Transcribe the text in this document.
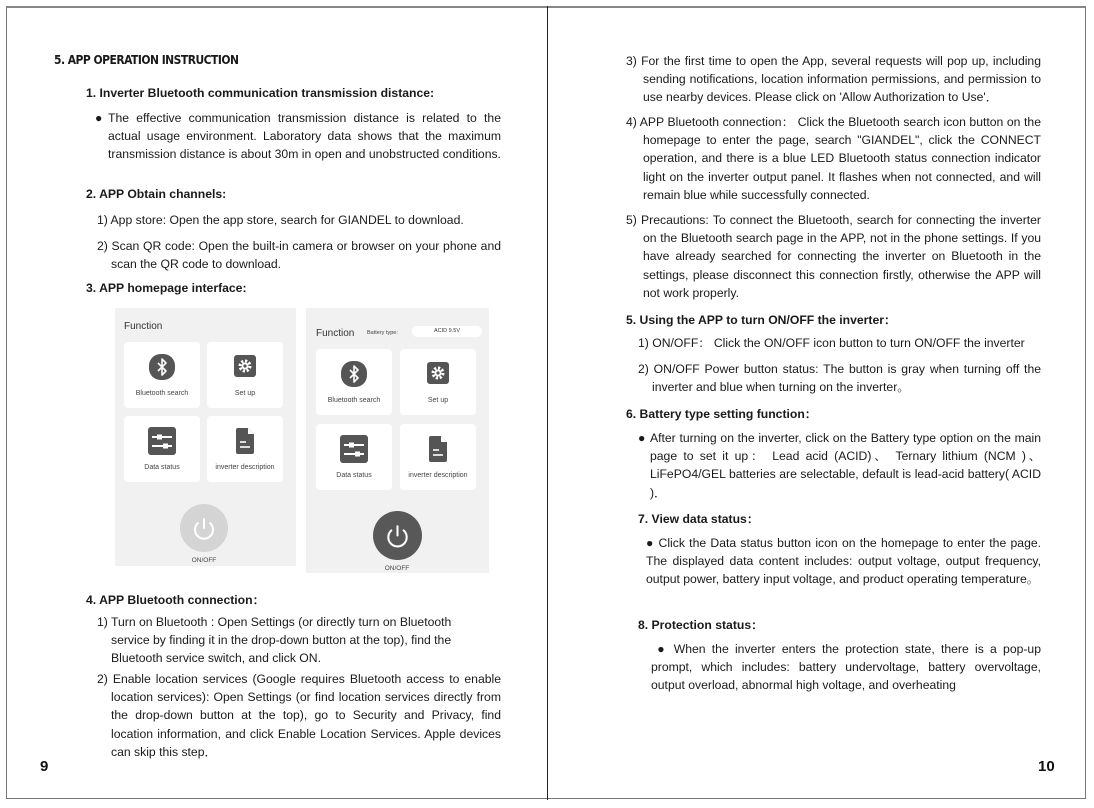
5. APP OPERATION INSTRUCTION
1. Inverter Bluetooth communication transmission distance:
● The effective communication transmission distance is related to the actual usage environment. Laboratory data shows that the maximum transmission distance is about 30m in open and unobstructed conditions.
2. APP Obtain channels:
1) App store: Open the app store, search for GIANDEL to download.
2) Scan QR code: Open the built-in camera or browser on your phone and scan the QR code to download.
3. APP homepage interface:
Function
Bluetooth search	Set up
Data status	inverter description
ON/OFF
Function Battery type:	ACID 9.5V
Bluetooth search	Set up
Data status	inverter description
ON/OFF
4. APP Bluetooth connection：
1) Turn on Bluetooth : Open Settings (or directly turn on Bluetooth service by finding it in the drop-down button at the top), find the Bluetooth service switch, and click ON.
2) Enable location services (Google requires Bluetooth access to enable location services): Open Settings (or find location services directly from the drop-down button at the top), go to Security and Privacy, find location information, and click Enable Location Services. Apple devices can skip this step．
9
3) For the first time to open the App, several requests will pop up, including sending notifications, location information permissions, and permission to use nearby devices. Please click on 'Allow Authorization to Use'．
4) APP Bluetooth connection： Click the Bluetooth search icon button on the homepage to enter the page, search "GIANDEL", click the CONNECT operation, and there is a blue LED Bluetooth status connection indicator light on the inverter output panel. It flashes when not connected, and will remain blue while successfully connected.
5) Precautions: To connect the Bluetooth, search for connecting the inverter on the Bluetooth search page in the APP, not in the phone settings. If you have already searched for connecting the inverter on Bluetooth in the settings, please disconnect this connection firstly, otherwise the APP will not work properly.
5. Using the APP to turn ON/OFF the inverter：
1) ON/OFF： Click the ON/OFF icon button to turn ON/OFF the inverter
2) ON/OFF Power button status: The button is gray when turning off the inverter and blue when turning on the inverter。
6. Battery type setting function：
● After turning on the inverter, click on the Battery type option on the main page to set it up： Lead acid (ACID)、 Ternary lithium (NCM )、 LiFePO4/GEL batteries are selectable, default is lead-acid battery( ACID )．
7. View data status：
● Click the Data status button icon on the homepage to enter the page. The displayed data content includes: output voltage, output frequency, output power, battery input voltage, and product operating temperature。
8. Protection status：
● When the inverter enters the protection state, there is a pop-up prompt, which includes: battery undervoltage, battery overvoltage, output overload, abnormal high voltage, and overheating
10
